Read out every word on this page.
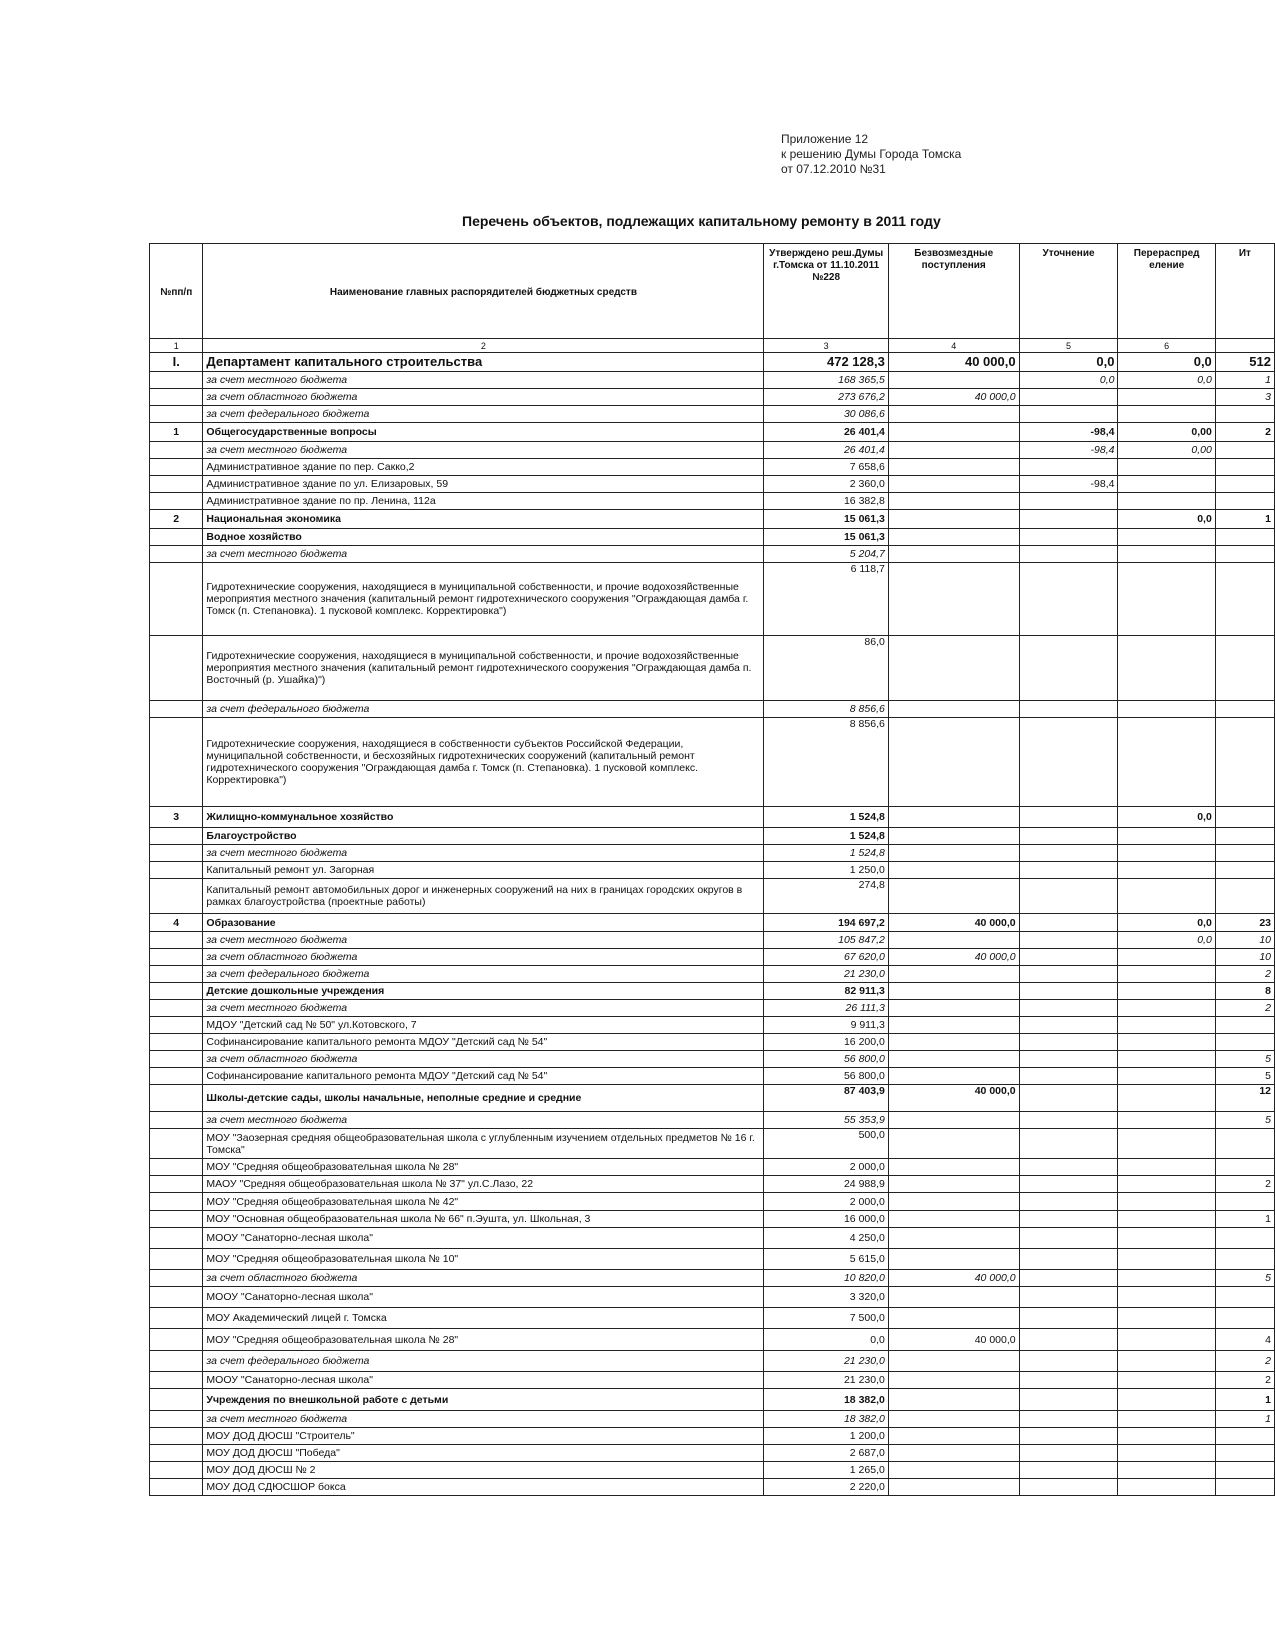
Приложение 12
к решению Думы Города Томска
от 07.12.2010 №31
Перечень объектов, подлежащих капитальному ремонту в 2011 году
№пп/п	Наименование главных распорядителей бюджетных средств	Утверждено реш.Думы г.Томска от 11.10.2011 №228	Безвозмездные поступления	Уточнение	Перераспред еление	Ит
1	2	3	4	5	6	
I.	Департамент капитального строительства	472 128,3	40 000,0	0,0	0,0	512
	за счет местного бюджета	168 365,5		0,0	0,0	1
	за счет областного бюджета	273 676,2	40 000,0			3
	за счет федерального бюджета	30 086,6				
1	Общегосударственные вопросы	26 401,4		-98,4	0,00	2
	за счет местного бюджета	26 401,4		-98,4	0,00	
	Административное здание по пер. Сакко,2	7 658,6				
	Административное здание по ул. Елизаровых, 59	2 360,0		-98,4		
	Административное здание по пр. Ленина, 112а	16 382,8				
2	Национальная экономика	15 061,3			0,0	1
	Водное хозяйство	15 061,3				
	за счет местного бюджета	5 204,7				
	Гидротехнические сооружения, находящиеся в муниципальной собственности, и прочие водохозяйственные мероприятия местного значения (капитальный ремонт гидротехнического сооружения "Ограждающая дамба г. Томск (п. Степановка). 1 пусковой комплекс. Корректировка")	6 118,7				
	Гидротехнические сооружения, находящиеся в муниципальной собственности, и прочие водохозяйственные мероприятия местного значения (капитальный ремонт гидротехнического сооружения "Ограждающая дамба п. Восточный (р. Ушайка)")	86,0				
	за счет федерального бюджета	8 856,6				
	Гидротехнические сооружения, находящиеся в собственности субъектов Российской Федерации, муниципальной собственности, и бесхозяйных гидротехнических сооружений (капитальный ремонт гидротехнического сооружения "Ограждающая дамба г. Томск (п. Степановка). 1 пусковой комплекс. Корректировка")	8 856,6				
3	Жилищно-коммунальное хозяйство	1 524,8			0,0	
	Благоустройство	1 524,8				
	за счет местного бюджета	1 524,8				
	Капитальный ремонт ул. Загорная	1 250,0				
	Капитальный ремонт автомобильных дорог и инженерных сооружений на них в границах городских округов в рамках благоустройства (проектные работы)	274,8				
4	Образование	194 697,2	40 000,0		0,0	23
	за счет местного бюджета	105 847,2			0,0	10
	за счет областного бюджета	67 620,0	40 000,0			10
	за счет федерального бюджета	21 230,0				2
	Детские дошкольные учреждения	82 911,3				8
	за счет местного бюджета	26 111,3				2
	МДОУ "Детский сад № 50" ул.Котовского, 7	9 911,3				
	Софинансирование капитального ремонта МДОУ "Детский сад № 54"	16 200,0				
	за счет областного бюджета	56 800,0				5
	Софинансирование капитального ремонта МДОУ "Детский сад № 54"	56 800,0				5
	Школы-детские сады, школы начальные, неполные средние и средние	87 403,9	40 000,0			12
	за счет местного бюджета	55 353,9				5
	МОУ "Заозерная средняя общеобразовательная школа с углубленным изучением отдельных предметов № 16 г. Томска"	500,0				
	МОУ "Средняя общеобразовательная школа № 28"	2 000,0				
	МАОУ "Средняя общеобразовательная школа № 37" ул.С.Лазо, 22	24 988,9				2
	МОУ "Средняя общеобразовательная школа № 42"	2 000,0				
	МОУ "Основная общеобразовательная школа № 66" п.Эушта, ул. Школьная, 3	16 000,0				1
	МООУ "Санаторно-лесная школа"	4 250,0				
	МОУ "Средняя общеобразовательная школа № 10"	5 615,0				
	за счет областного бюджета	10 820,0	40 000,0			5
	МООУ "Санаторно-лесная школа"	3 320,0				
	МОУ Академический лицей г. Томска	7 500,0				
	МОУ "Средняя общеобразовательная школа № 28"	0,0	40 000,0			4
	за счет федерального бюджета	21 230,0				2
	МООУ "Санаторно-лесная школа"	21 230,0				2
	Учреждения по внешкольной работе с детьми	18 382,0				1
	за счет местного бюджета	18 382,0				1
	МОУ ДОД ДЮСШ "Строитель"	1 200,0				
	МОУ ДОД ДЮСШ "Победа"	2 687,0				
	МОУ ДОД ДЮСШ № 2	1 265,0				
	МОУ ДОД СДЮСШОР бокса	2 220,0				
